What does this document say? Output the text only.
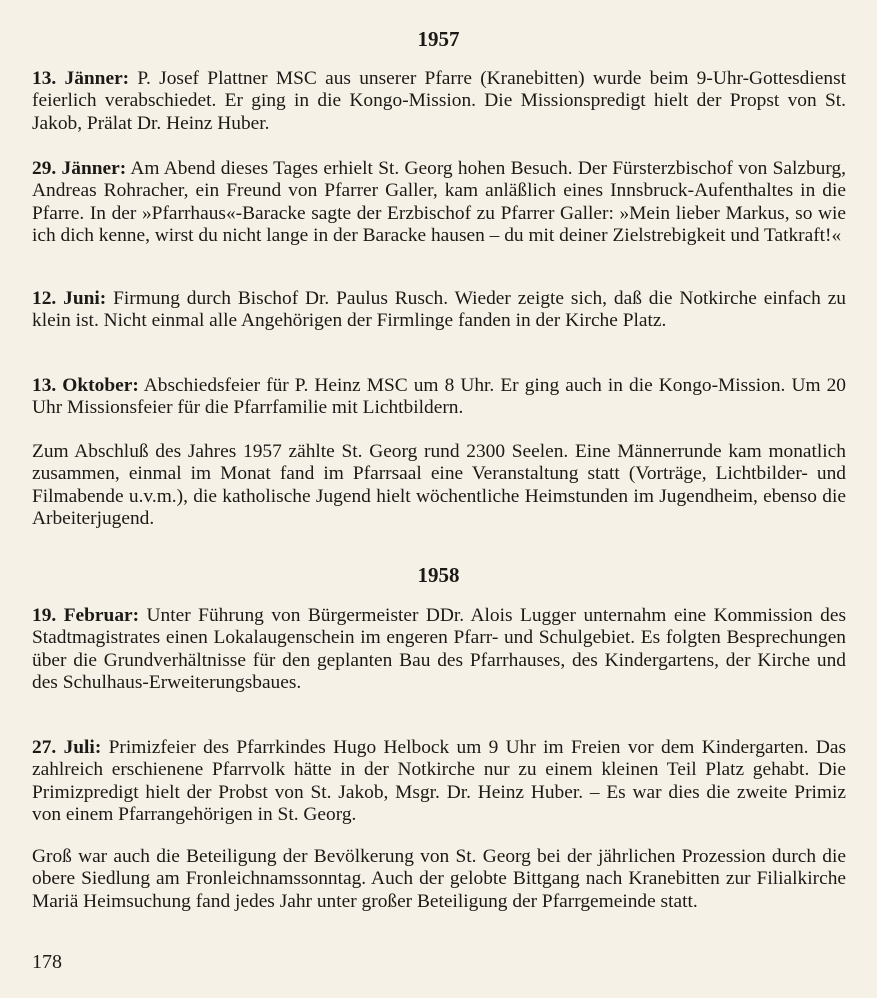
1957

13. Jänner: P. Josef Plattner MSC aus unserer Pfarre (Kranebitten) wurde beim 9-Uhr-Gottesdienst feierlich verabschiedet. Er ging in die Kongo-Mission. Die Missionspredigt hielt der Propst von St. Jakob, Prälat Dr. Heinz Huber.

29. Jänner: Am Abend dieses Tages erhielt St. Georg hohen Besuch. Der Fürsterzbischof von Salzburg, Andreas Rohracher, ein Freund von Pfarrer Galler, kam anläßlich eines Innsbruck-Aufenthaltes in die Pfarre. In der »Pfarrhaus«-Baracke sagte der Erzbischof zu Pfarrer Galler: »Mein lieber Markus, so wie ich dich kenne, wirst du nicht lange in der Baracke hausen – du mit deiner Zielstrebigkeit und Tatkraft!«

12. Juni: Firmung durch Bischof Dr. Paulus Rusch. Wieder zeigte sich, daß die Notkirche einfach zu klein ist. Nicht einmal alle Angehörigen der Firmlinge fanden in der Kirche Platz.

13. Oktober: Abschiedsfeier für P. Heinz MSC um 8 Uhr. Er ging auch in die Kongo-Mission. Um 20 Uhr Missionsfeier für die Pfarrfamilie mit Lichtbildern.

Zum Abschluß des Jahres 1957 zählte St. Georg rund 2300 Seelen. Eine Männerrunde kam monatlich zusammen, einmal im Monat fand im Pfarrsaal eine Veranstaltung statt (Vorträge, Lichtbilder- und Filmabende u.v.m.), die katholische Jugend hielt wöchentliche Heimstunden im Jugendheim, ebenso die Arbeiterjugend.

1958

19. Februar: Unter Führung von Bürgermeister DDr. Alois Lugger unternahm eine Kommission des Stadtmagistrates einen Lokalaugenschein im engeren Pfarr- und Schulgebiet. Es folgten Besprechungen über die Grundverhältnisse für den geplanten Bau des Pfarrhauses, des Kindergartens, der Kirche und des Schulhaus-Erweiterungsbaues.

27. Juli: Primizfeier des Pfarrkindes Hugo Helbock um 9 Uhr im Freien vor dem Kindergarten. Das zahlreich erschienene Pfarrvolk hätte in der Notkirche nur zu einem kleinen Teil Platz gehabt. Die Primizpredigt hielt der Probst von St. Jakob, Msgr. Dr. Heinz Huber. – Es war dies die zweite Primiz von einem Pfarrangehörigen in St. Georg.

Groß war auch die Beteiligung der Bevölkerung von St. Georg bei der jährlichen Prozession durch die obere Siedlung am Fronleichnamssonntag. Auch der gelobte Bittgang nach Kranebitten zur Filialkirche Mariä Heimsuchung fand jedes Jahr unter großer Beteiligung der Pfarrgemeinde statt.

178
